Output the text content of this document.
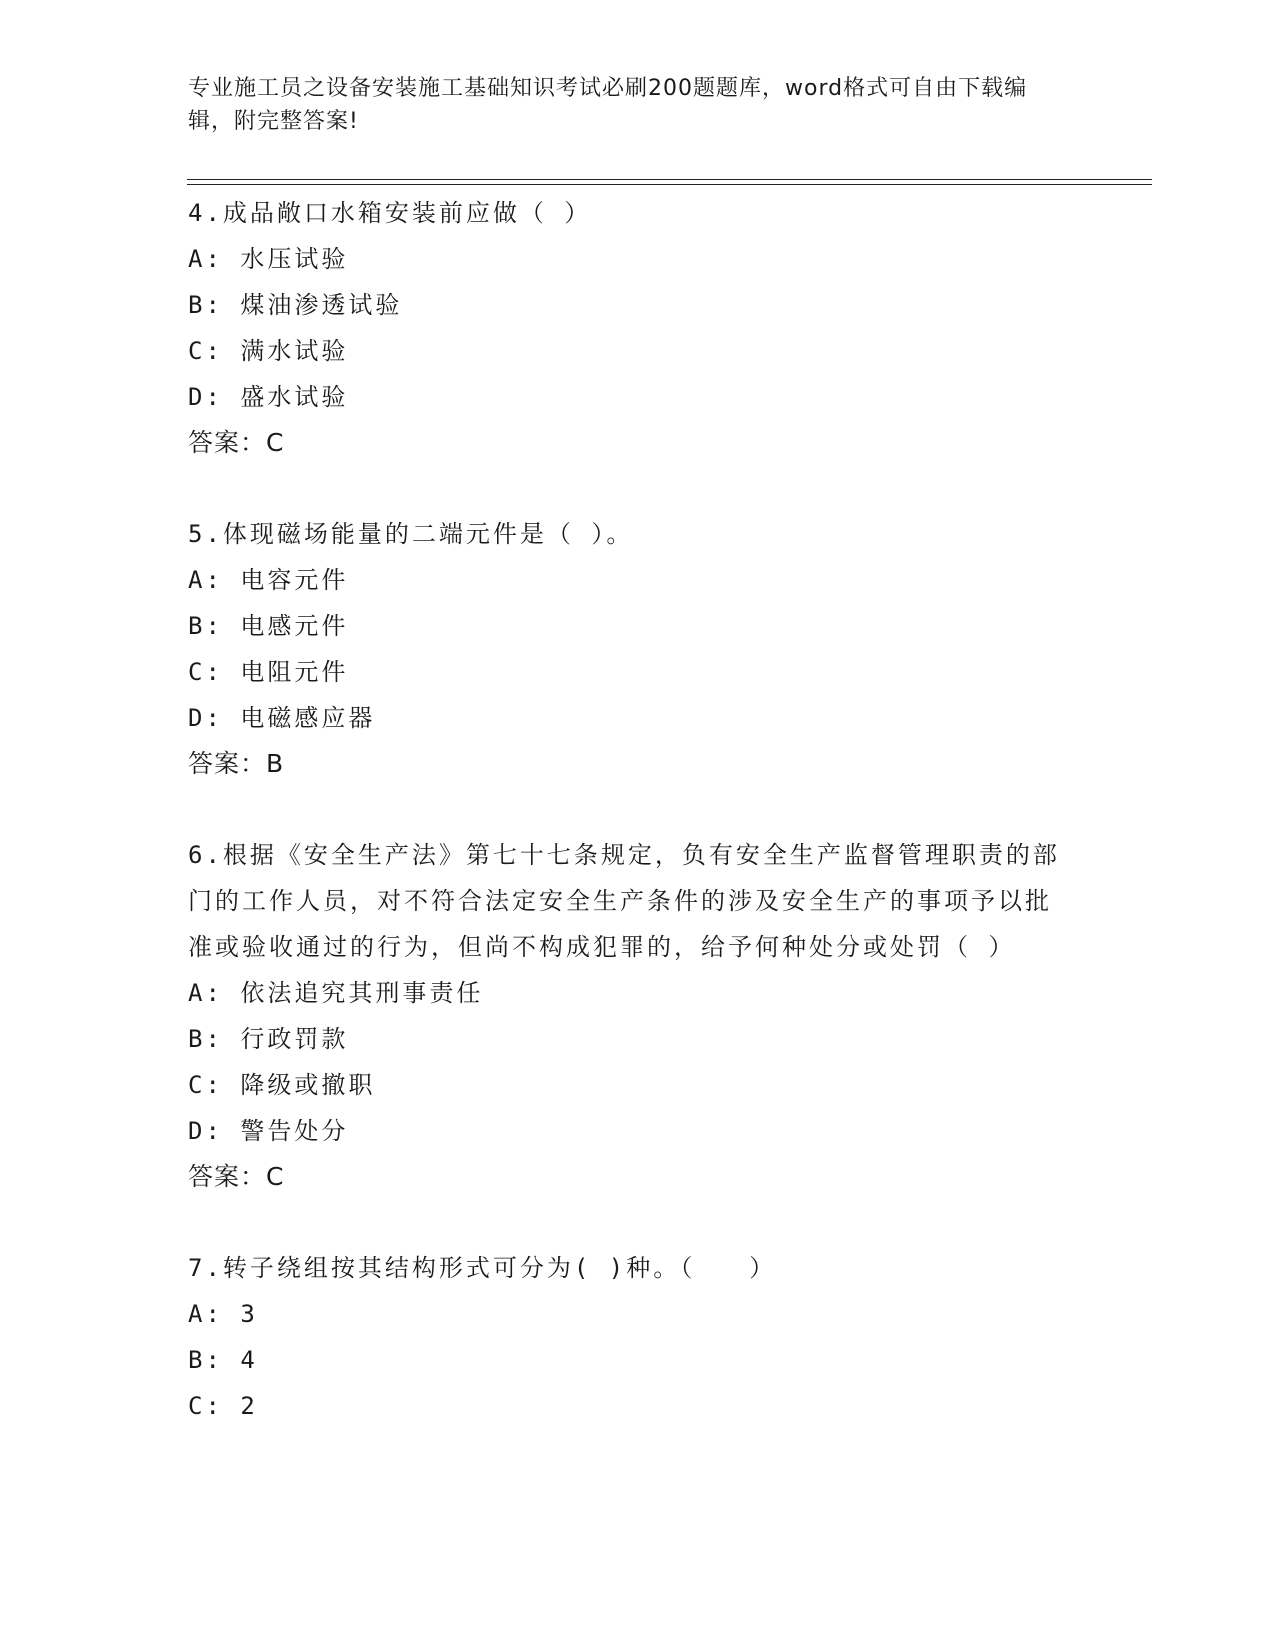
专业施工员之设备安装施工基础知识考试必刷200题题库，word格式可自由下载编辑，附完整答案!

4.成品敞口水箱安装前应做（ ）

A: 水压试验

B: 煤油渗透试验

C: 满水试验

D: 盛水试验

答案：C

5.体现磁场能量的二端元件是（ ）。

A: 电容元件

B: 电感元件

C: 电阻元件

D: 电磁感应器

答案：B

6.根据《安全生产法》第七十七条规定，负有安全生产监督管理职责的部门的工作人员，对不符合法定安全生产条件的涉及安全生产的事项予以批准或验收通过的行为，但尚不构成犯罪的，给予何种处分或处罚（ ）

A: 依法追究其刑事责任

B: 行政罚款

C: 降级或撤职

D: 警告处分

答案：C

7.转子绕组按其结构形式可分为( )种。（　　）

A: 3

B: 4

C: 2
